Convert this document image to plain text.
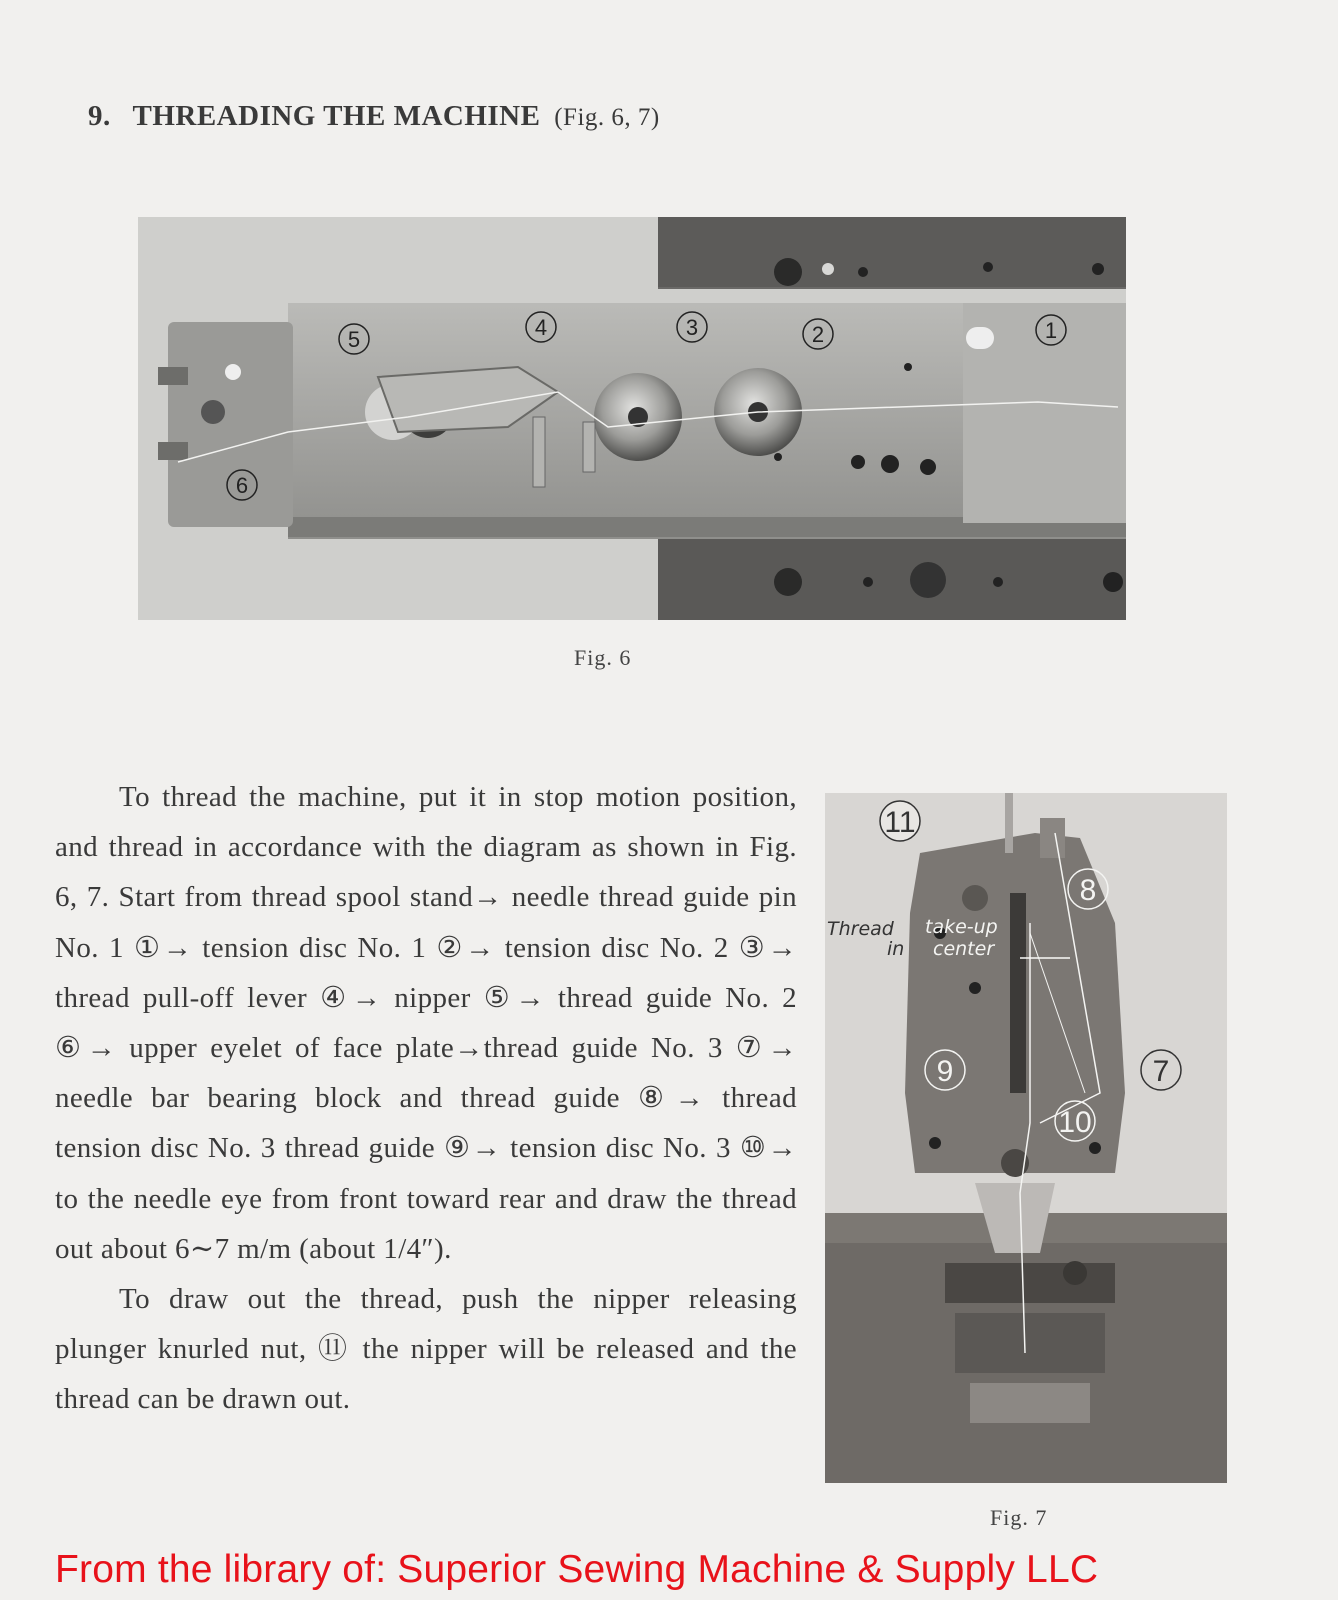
9. THREADING THE MACHINE (Fig. 6, 7)
1
2
3
4
5
6
Fig. 6

To thread the machine, put it in stop motion position, and thread in accordance with the diagram as shown in Fig. 6, 7. Start from thread spool stand→ needle thread guide pin No. 1 ①→ tension disc No. 1 ②→ tension disc No. 2 ③→ thread pull-off lever ④→ nipper ⑤→ thread guide No. 2 ⑥→ upper eyelet of face plate→thread guide No. 3 ⑦→ needle bar bearing block and thread guide ⑧→ thread tension disc No. 3 thread guide ⑨→ tension disc No. 3 ⑩→ to the needle eye from front toward rear and draw the thread out about 6∼7 m/m (about 1/4″).

To draw out the thread, push the nipper releasing plunger knurled nut, ⑪ the nipper will be released and the thread can be drawn out.

Thread
in
take-up
center
11
8
9	7
10
Fig. 7
From the library of: Superior Sewing Machine & Supply LLC
